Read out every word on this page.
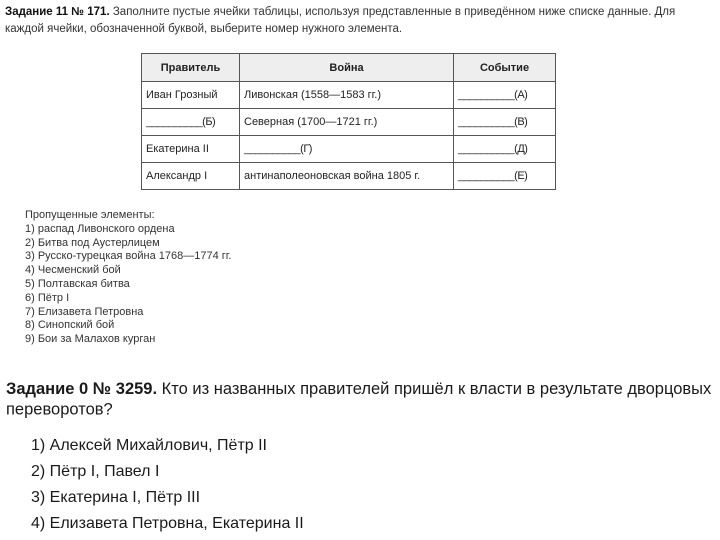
Задание 11 № 171. Заполните пустые ячейки таблицы, используя представленные в приведённом ниже списке данные. Для каждой ячейки, обозначенной буквой, выберите номер нужного элемента.
Правитель	Война	Событие
Иван Грозный	Ливонская (1558—1583 гг.)	__________(А)
__________(Б)	Северная (1700—1721 гг.)	__________(В)
Екатерина II	__________(Г)	__________(Д)
Александр I	антинаполеоновская война 1805 г.	__________(Е)
Пропущенные элементы:
1) распад Ливонского ордена
2) Битва под Аустерлицем
3) Русско-турецкая война 1768—1774 гг.
4) Чесменский бой
5) Полтавская битва
6) Пётр I
7) Елизавета Петровна
8) Синопский бой
9) Бои за Малахов курган
Задание 0 № 3259. Кто из названных правителей пришёл к власти в результате дворцовых переворотов?
1) Алексей Михайлович, Пётр II
2) Пётр I, Павел I
3) Екатерина I, Пётр III
4) Елизавета Петровна, Екатерина II
